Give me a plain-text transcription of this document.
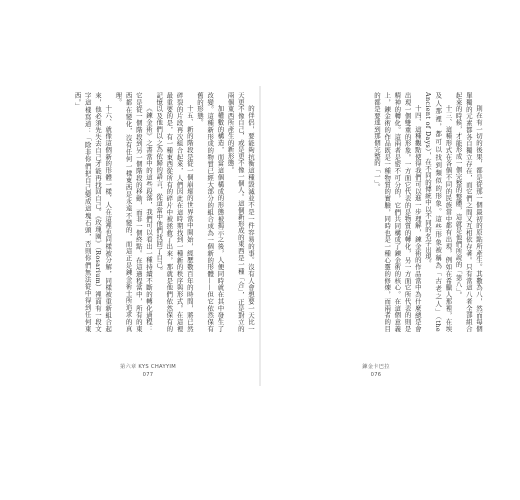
的伴侶，要能夠抗衡這種毀滅並不是一件容易的事。沒有人會想要一天比一天更不像自己，或是更不像一個人。這個新形成的東西是一種「合」，正是對立的兩個東西所產生的新形態。

加權數的構造，而當這個構成的形態被揭示之後，人便同時就在其中發生了改變。這種新形成的物質已經大部分的組合成為一個新的形體——但它依然保有舊的形態。

十五、新的階段是從一個崩壞的世界當中開始，經歷數百年的時間，將已然碎裂的片段再次組合起來，人們因此在這時期找到一種新的秩序與形式。在這裡最重要的是，有一種東西從所有的碎片中被拯救了出來，那就是他們依然保有的記憶以及他們以之為依歸的語言，從這當中他們找回了自己。

《鍊金術》之書當中的這些段落，我們可以看出一種持續不斷的轉化過程：它是從一個階段到另一個階段的移動，而非一個終點。在這過程當中，所有的東西都在變化，沒有任何一樣東西是永遠不變的，而這正是鍊金術士所追求的真理。

十六、就像這個新的形體一樣，人在這裡也同樣被分解，同樣被重新組合起來，他必須先失去自己才能再找回自己。《玫瑰園》（Rosarium）裡面有一段文字這樣寫道：「除非你們把自己變成這塊石頭，否則你們無法從中得到任何東西。」

第六章 KYS CHAYYIM
077

則在有一切的後果，都是從那一個最初的原點所產生。其數為八，然而每個單獨的元素都各自獨立存在，而它們之間又互相依存著。只有當這八者全部組合起來的時候，才能形成一個完整的整體，這就是他們所說的「第八」。

十三、這種形式在各個不同的民族當中都有出現，例如在希臘人那裡，在埃及人那裡，都可以找到類似的形象。這些形象被稱為「古老之人」（the Ancient of Days），在不同的傳統中以不同的名字出現。

十四、這種觀點使得我們可以進一步理解，鍊金術的作品當中為什麼總是會出現一個雙重的形象。一方面它代表的是物質的轉化，另一方面它所代表的則是精神的轉化。這兩者是密不可分的，它們共同構成了鍊金術的核心。在這個意義上，鍊金術的作品既是一種物質的實驗，同時也是一種心靈的修煉，而兩者的目的都是要達到那個完整的「一」。

鍊金卡巴拉
076
